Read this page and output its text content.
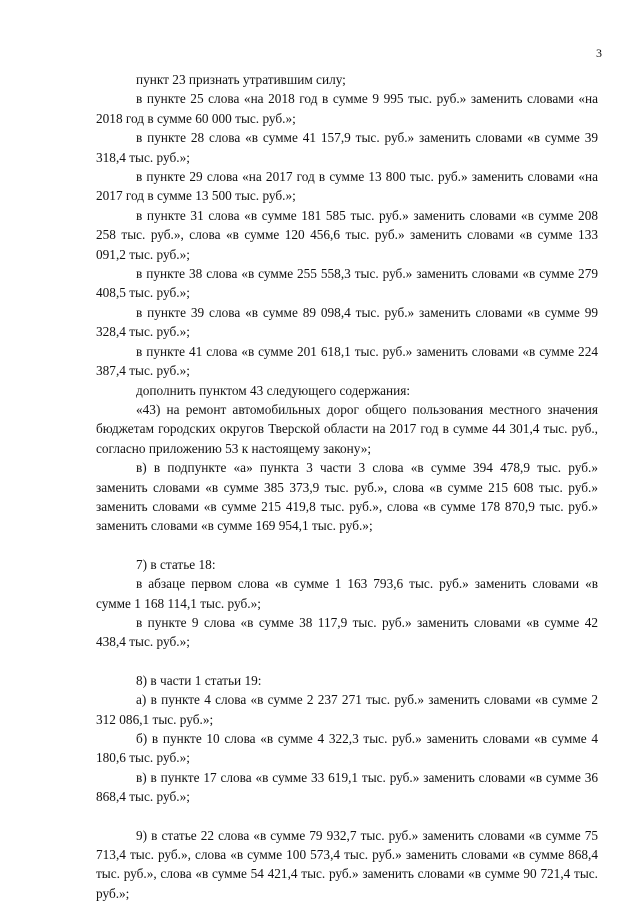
3

пункт 23 признать утратившим силу;

в пункте 25 слова «на 2018 год в сумме 9 995 тыс. руб.» заменить словами «на 2018 год в сумме 60 000 тыс. руб.»;

в пункте 28 слова «в сумме 41 157,9 тыс. руб.» заменить словами «в сумме 39 318,4 тыс. руб.»;

в пункте 29 слова «на 2017 год в сумме 13 800 тыс. руб.» заменить словами «на 2017 год в сумме 13 500 тыс. руб.»;

в пункте 31 слова «в сумме 181 585 тыс. руб.» заменить словами «в сумме 208 258 тыс. руб.», слова «в сумме 120 456,6 тыс. руб.» заменить словами «в сумме 133 091,2 тыс. руб.»;

в пункте 38 слова «в сумме 255 558,3 тыс. руб.» заменить словами «в сумме 279 408,5 тыс. руб.»;

в пункте 39 слова «в сумме 89 098,4 тыс. руб.» заменить словами «в сумме 99 328,4 тыс. руб.»;

в пункте 41 слова «в сумме 201 618,1 тыс. руб.» заменить словами «в сумме 224 387,4 тыс. руб.»;

дополнить пунктом 43 следующего содержания:

«43) на ремонт автомобильных дорог общего пользования местного значения бюджетам городских округов Тверской области на 2017 год в сумме 44 301,4 тыс. руб., согласно приложению 53 к настоящему закону»;

в) в подпункте «а» пункта 3 части 3 слова «в сумме 394 478,9 тыс. руб.» заменить словами «в сумме 385 373,9 тыс. руб.», слова «в сумме 215 608 тыс. руб.» заменить словами «в сумме 215 419,8 тыс. руб.», слова «в сумме 178 870,9 тыс. руб.» заменить словами «в сумме 169 954,1 тыс. руб.»;

7) в статье 18:

в абзаце первом слова «в сумме 1 163 793,6 тыс. руб.» заменить словами «в сумме 1 168 114,1 тыс. руб.»;

в пункте 9 слова «в сумме 38 117,9 тыс. руб.» заменить словами «в сумме 42 438,4 тыс. руб.»;

8) в части 1 статьи 19:

а) в пункте 4 слова «в сумме 2 237 271 тыс. руб.» заменить словами «в сумме 2 312 086,1 тыс. руб.»;

б) в пункте 10 слова «в сумме 4 322,3 тыс. руб.» заменить словами «в сумме 4 180,6 тыс. руб.»;

в) в пункте 17 слова «в сумме 33 619,1 тыс. руб.» заменить словами «в сумме 36 868,4 тыс. руб.»;

9) в статье 22 слова «в сумме 79 932,7 тыс. руб.» заменить словами «в сумме 75 713,4 тыс. руб.», слова «в сумме 100 573,4 тыс. руб.» заменить словами «в сумме 868,4 тыс. руб.», слова «в сумме 54 421,4 тыс. руб.» заменить словами «в сумме 90 721,4 тыс. руб.»;
